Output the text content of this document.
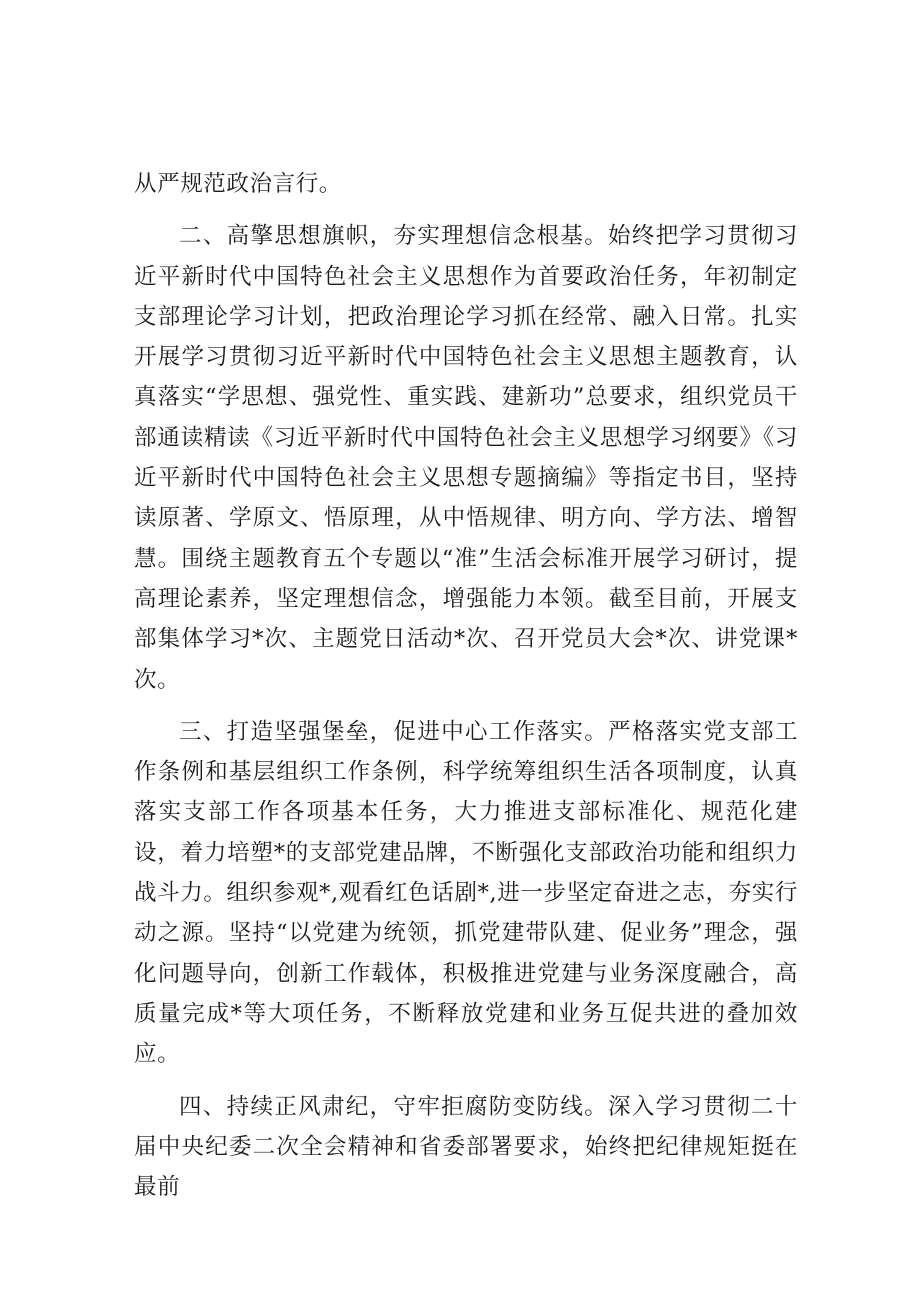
从严规范政治言行。

二、高擎思想旗帜，夯实理想信念根基。始终把学习贯彻习近平新时代中国特色社会主义思想作为首要政治任务，年初制定支部理论学习计划，把政治理论学习抓在经常、融入日常。扎实开展学习贯彻习近平新时代中国特色社会主义思想主题教育，认真落实“学思想、强党性、重实践、建新功”总要求，组织党员干部通读精读《习近平新时代中国特色社会主义思想学习纲要》《习近平新时代中国特色社会主义思想专题摘编》等指定书目，坚持读原著、学原文、悟原理，从中悟规律、明方向、学方法、增智慧。围绕主题教育五个专题以“准”生活会标准开展学习研讨，提高理论素养，坚定理想信念，增强能力本领。截至目前，开展支部集体学习*次、主题党日活动*次、召开党员大会*次、讲党课*次。

三、打造坚强堡垒，促进中心工作落实。严格落实党支部工作条例和基层组织工作条例，科学统筹组织生活各项制度，认真落实支部工作各项基本任务，大力推进支部标准化、规范化建设，着力培塑*的支部党建品牌，不断强化支部政治功能和组织力战斗力。组织参观*,观看红色话剧*,进一步坚定奋进之志，夯实行动之源。坚持“以党建为统领，抓党建带队建、促业务”理念，强化问题导向，创新工作载体，积极推进党建与业务深度融合，高质量完成*等大项任务，不断释放党建和业务互促共进的叠加效应。

四、持续正风肃纪，守牢拒腐防变防线。深入学习贯彻二十届中央纪委二次全会精神和省委部署要求，始终把纪律规矩挺在最前
